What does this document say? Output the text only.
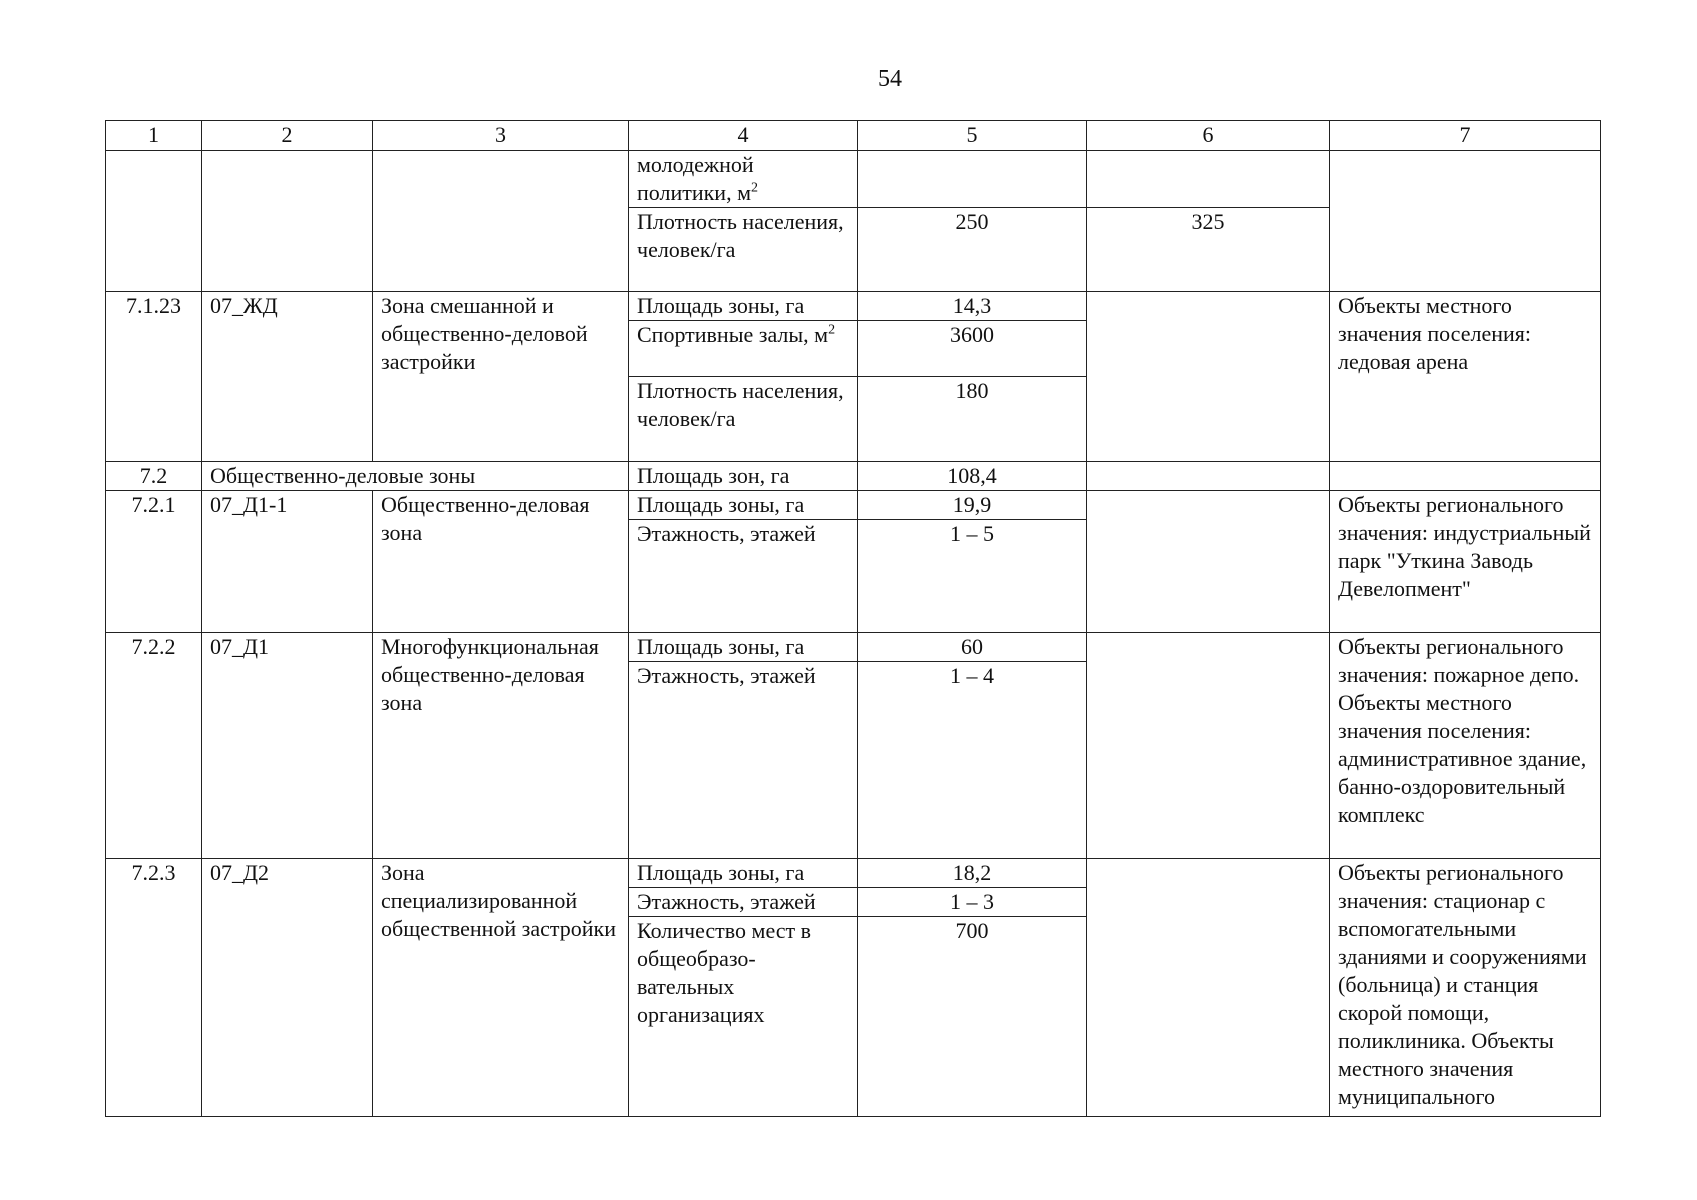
54
1	2	3	4	5	6	7
			молодежной политики, $м^2$			
			Плотность населения, человек/га	250	325	
7.1.23	07_ЖД	Зона смешанной и общественно-деловой застройки	Площадь зоны, га	14,3		Объекты местного значения поселения: ледовая арена
			Спортивные залы, $м^2$	3600		
			Плотность населения, человек/га	180		
7.2	Общественно-деловые зоны		Площадь зон, га	108,4		
7.2.1	07_Д1-1	Общественно-деловая зона	Площадь зоны, га	19,9		Объекты регионального значения: индустриальный парк "Уткина Заводь Девелопмент"
			Этажность, этажей	1 – 5		
7.2.2	07_Д1	Многофункциональная общественно-деловая зона	Площадь зоны, га	60		Объекты регионального значения: пожарное депо. Объекты местного значения поселения: административное здание, банно-оздоровительный комплекс
			Этажность, этажей	1 – 4		
7.2.3	07_Д2	Зона специализированной общественной застройки	Площадь зоны, га	18,2		Объекты регионального значения: стационар с вспомогательными зданиями и сооружениями (больница) и станция скорой помощи, поликлиника. Объекты местного значения муниципального
			Этажность, этажей	1 – 3		
			Количество мест в общеобразо-вательных организациях	700		
